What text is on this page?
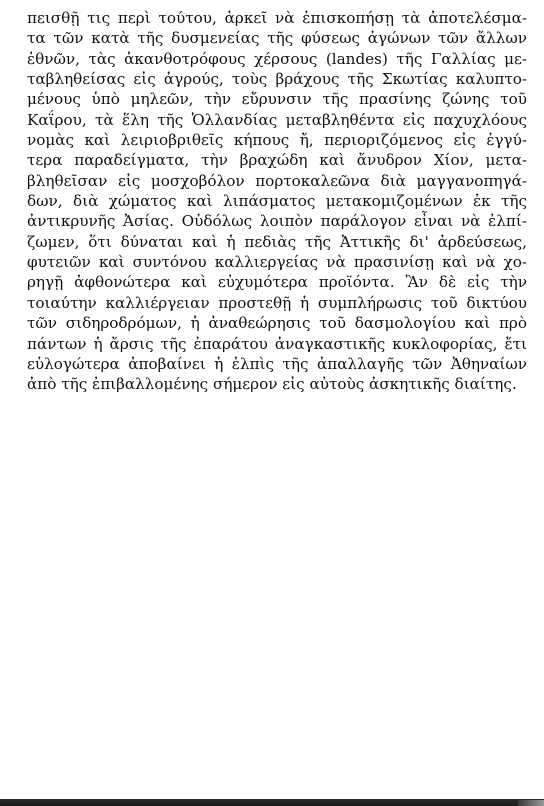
πεισθῇ τις περὶ τούτου, ἀρκεῖ νὰ ἐπισκοπήσῃ τὰ ἀποτελέσμα-
τα τῶν κατὰ τῆς δυσμενείας τῆς φύσεως ἀγώνων τῶν ἄλλων
ἐθνῶν, τὰς ἀκανθοτρόφους χέρσους (landes) τῆς Γαλλίας με-
ταβληθείσας εἰς ἀγρούς, τοὺς βράχους τῆς Σκωτίας καλυπτο-
μένους ὑπὸ μηλεῶν, τὴν εὔρυνσιν τῆς πρασίνης ζώνης τοῦ
Καΐρου, τὰ ἕλη τῆς Ὁλλανδίας μεταβληθέντα εἰς παχυχλόους
νομὰς καὶ λειριοβριθεῖς κήπους ἤ, περιοριζόμενος εἰς ἐγγύ-
τερα παραδείγματα, τὴν βραχώδη καὶ ἄνυδρον Χίον, μετα-
βληθεῖσαν εἰς μοσχοβόλον πορτοκαλεῶνα διὰ μαγγανοπηγά-
δων, διὰ χώματος καὶ λιπάσματος μετακομιζομένων ἐκ τῆς
ἀντικρυνῆς Ἀσίας. Οὐδόλως λοιπὸν παράλογον εἶναι νὰ ἐλπί-
ζωμεν, ὅτι δύναται καὶ ἡ πεδιὰς τῆς Ἀττικῆς δι' ἀρδεύσεως,
φυτειῶν καὶ συντόνου καλλιεργείας νὰ πρασινίσῃ καὶ νὰ χο-
ρηγῇ ἀφθονώτερα καὶ εὐχυμότερα προϊόντα. Ἂν δὲ εἰς τὴν
τοιαύτην καλλιέργειαν προστεθῇ ἡ συμπλήρωσις τοῦ δικτύου
τῶν σιδηροδρόμων, ἡ ἀναθεώρησις τοῦ δασμολογίου καὶ πρὸ
πάντων ἡ ἄρσις τῆς ἐπαράτου ἀναγκαστικῆς κυκλοφορίας, ἔτι
εὐλογώτερα ἀποβαίνει ἡ ἐλπὶς τῆς ἀπαλλαγῆς τῶν Ἀθηναίων
ἀπὸ τῆς ἐπιβαλλομένης σήμερον εἰς αὐτοὺς ἀσκητικῆς διαίτης.
